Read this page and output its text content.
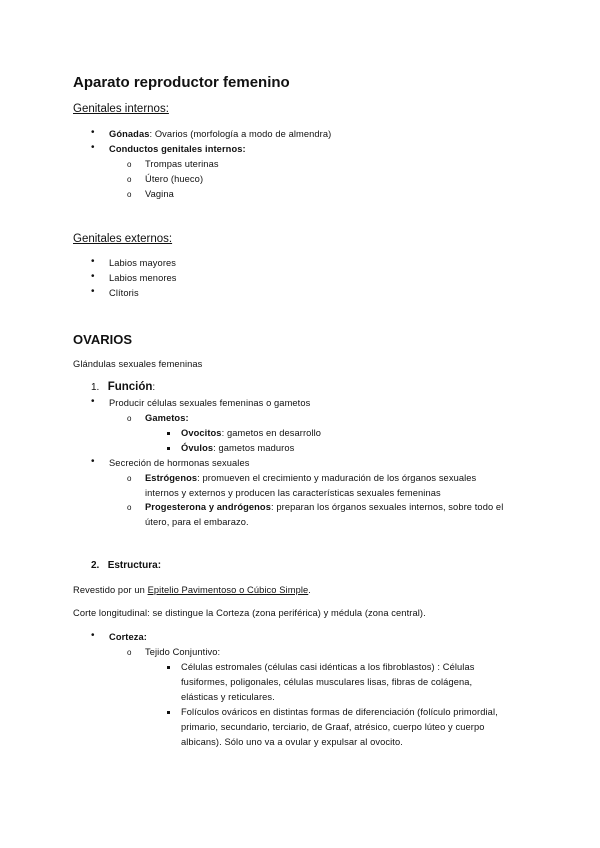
Aparato reproductor femenino
Genitales internos:
• Gónadas: Ovarios (morfología a modo de almendra)
• Conductos genitales internos:
o Trompas uterinas
o Útero (hueco)
o Vagina
Genitales externos:
• Labios mayores
• Labios menores
• Clítoris
OVARIOS
Glándulas sexuales femeninas
1. Función:
• Producir células sexuales femeninas o gametos
o Gametos:
Ovocitos: gametos en desarrollo
Óvulos: gametos maduros
• Secreción de hormonas sexuales
o Estrógenos: promueven el crecimiento y maduración de los órganos sexuales
internos y externos y producen las características sexuales femeninas
o Progesterona y andrógenos: preparan los órganos sexuales internos, sobre todo el
útero, para el embarazo.
2. Estructura:
Revestido por un Epitelio Pavimentoso o Cúbico Simple.
Corte longitudinal: se distingue la Corteza (zona periférica) y médula (zona central).
• Corteza:
o Tejido Conjuntivo:
Células estromales (células casi idénticas a los fibroblastos) : Células
fusiformes, poligonales, células musculares lisas, fibras de colágena,
elásticas y reticulares.
Folículos ováricos en distintas formas de diferenciación (folículo primordial,
primario, secundario, terciario, de Graaf, atrésico, cuerpo lúteo y cuerpo
albicans). Sólo uno va a ovular y expulsar al ovocito.
